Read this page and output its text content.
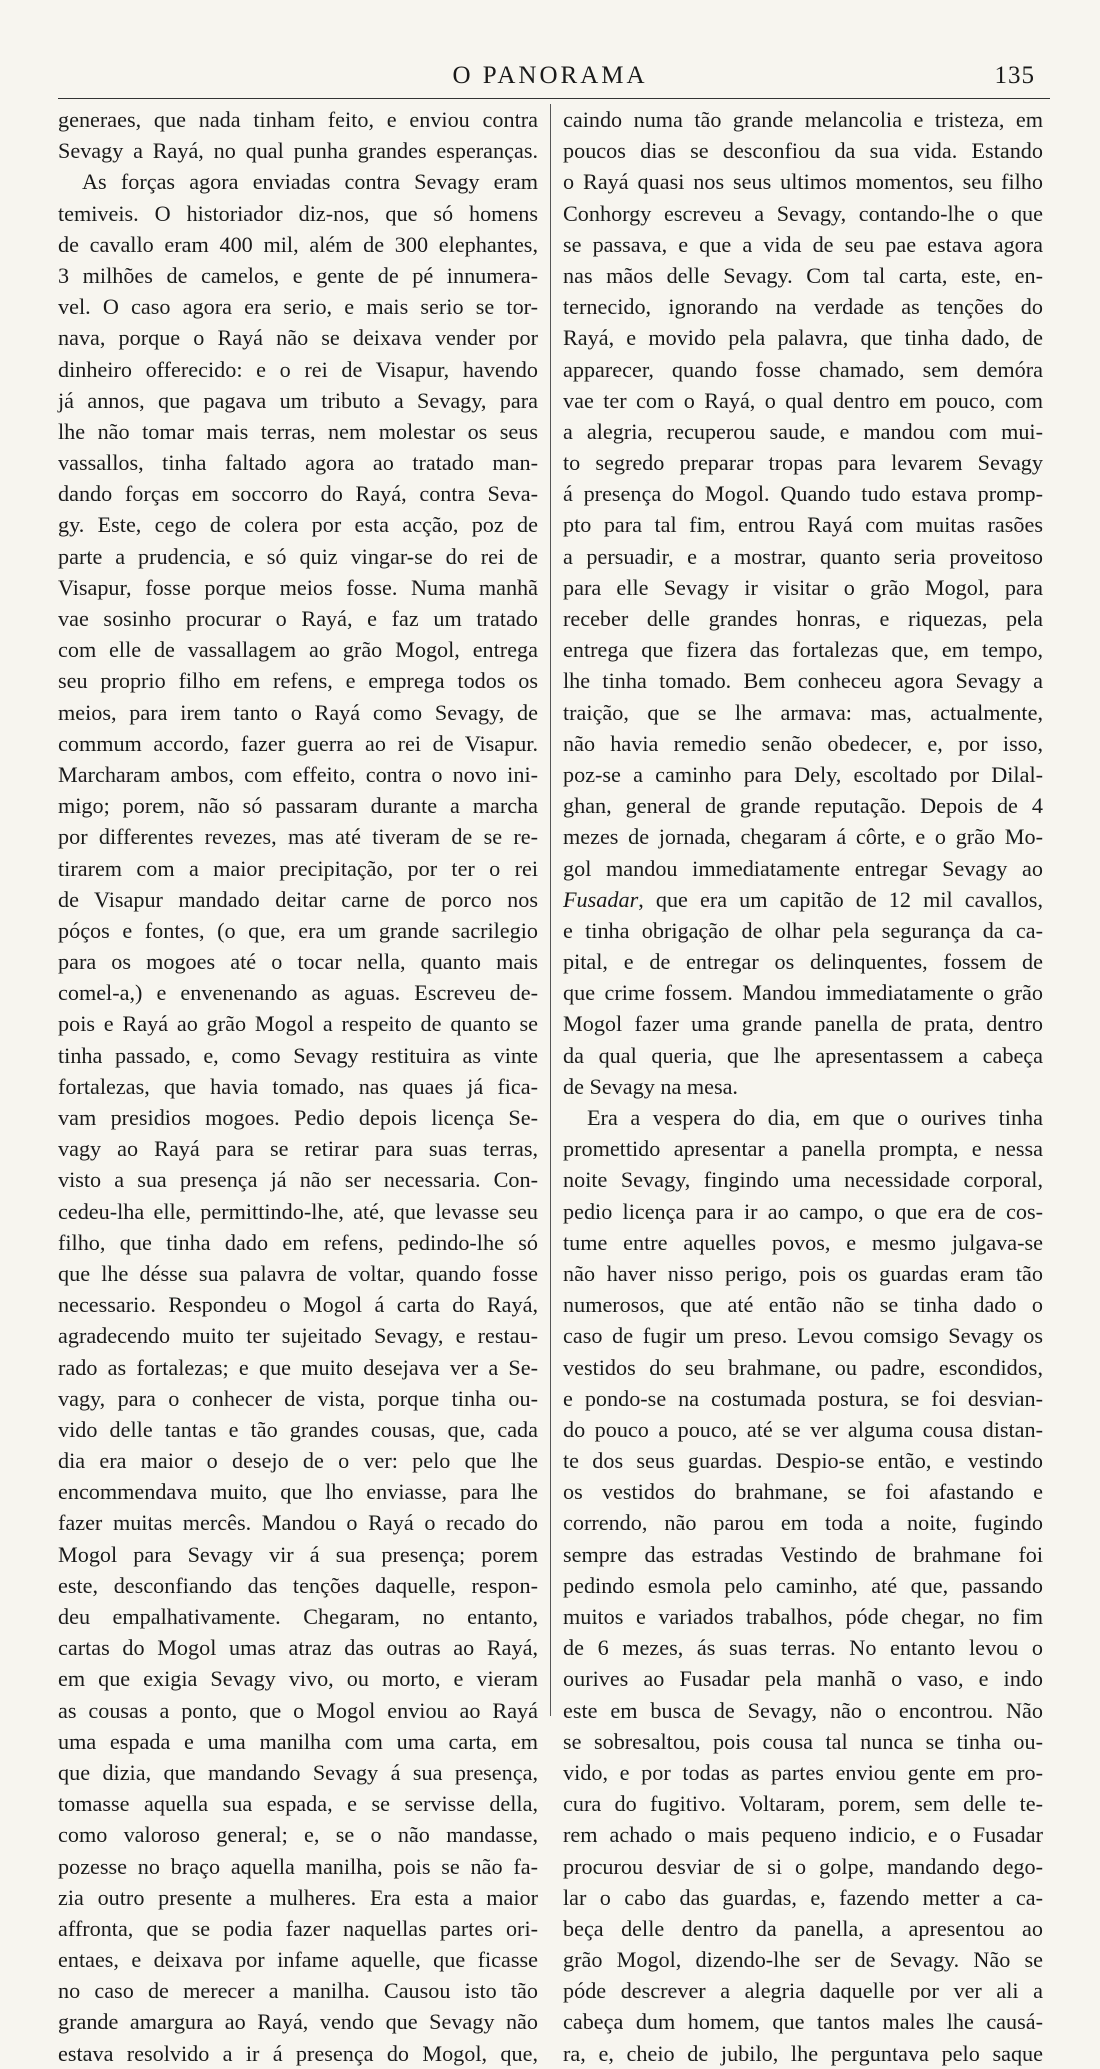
O PANORAMA	135
generaes, que nada tinham feito, e enviou contra
Sevagy a Rayá, no qual punha grandes esperanças.
As forças agora enviadas contra Sevagy eram
temiveis. O historiador diz-nos, que só homens
de cavallo eram 400 mil, além de 300 elephantes,
3 milhões de camelos, e gente de pé innumera-
vel. O caso agora era serio, e mais serio se tor-
nava, porque o Rayá não se deixava vender por
dinheiro offerecido: e o rei de Visapur, havendo
já annos, que pagava um tributo a Sevagy, para
lhe não tomar mais terras, nem molestar os seus
vassallos, tinha faltado agora ao tratado man-
dando forças em soccorro do Rayá, contra Seva-
gy. Este, cego de colera por esta acção, poz de
parte a prudencia, e só quiz vingar-se do rei de
Visapur, fosse porque meios fosse. Numa manhã
vae sosinho procurar o Rayá, e faz um tratado
com elle de vassallagem ao grão Mogol, entrega
seu proprio filho em refens, e emprega todos os
meios, para irem tanto o Rayá como Sevagy, de
commum accordo, fazer guerra ao rei de Visapur.
Marcharam ambos, com effeito, contra o novo ini-
migo; porem, não só passaram durante a marcha
por differentes revezes, mas até tiveram de se re-
tirarem com a maior precipitação, por ter o rei
de Visapur mandado deitar carne de porco nos
póços e fontes, (o que, era um grande sacrilegio
para os mogoes até o tocar nella, quanto mais
comel-a,) e envenenando as aguas. Escreveu de-
pois e Rayá ao grão Mogol a respeito de quanto se
tinha passado, e, como Sevagy restituira as vinte
fortalezas, que havia tomado, nas quaes já fica-
vam presidios mogoes. Pedio depois licença Se-
vagy ao Rayá para se retirar para suas terras,
visto a sua presença já não ser necessaria. Con-
cedeu-lha elle, permittindo-lhe, até, que levasse seu
filho, que tinha dado em refens, pedindo-lhe só
que lhe désse sua palavra de voltar, quando fosse
necessario. Respondeu o Mogol á carta do Rayá,
agradecendo muito ter sujeitado Sevagy, e restau-
rado as fortalezas; e que muito desejava ver a Se-
vagy, para o conhecer de vista, porque tinha ou-
vido delle tantas e tão grandes cousas, que, cada
dia era maior o desejo de o ver: pelo que lhe
encommendava muito, que lho enviasse, para lhe
fazer muitas mercês. Mandou o Rayá o recado do
Mogol para Sevagy vir á sua presença; porem
este, desconfiando das tenções daquelle, respon-
deu empalhativamente. Chegaram, no entanto,
cartas do Mogol umas atraz das outras ao Rayá,
em que exigia Sevagy vivo, ou morto, e vieram
as cousas a ponto, que o Mogol enviou ao Rayá
uma espada e uma manilha com uma carta, em
que dizia, que mandando Sevagy á sua presença,
tomasse aquella sua espada, e se servisse della,
como valoroso general; e, se o não mandasse,
pozesse no braço aquella manilha, pois se não fa-
zia outro presente a mulheres. Era esta a maior
affronta, que se podia fazer naquellas partes ori-
entaes, e deixava por infame aquelle, que ficasse
no caso de merecer a manilha. Causou isto tão
grande amargura ao Rayá, vendo que Sevagy não
estava resolvido a ir á presença do Mogol, que,
caindo numa tão grande melancolia e tristeza, em
poucos dias se desconfiou da sua vida. Estando
o Rayá quasi nos seus ultimos momentos, seu filho
Conhorgy escreveu a Sevagy, contando-lhe o que
se passava, e que a vida de seu pae estava agora
nas mãos delle Sevagy. Com tal carta, este, en-
ternecido, ignorando na verdade as tenções do
Rayá, e movido pela palavra, que tinha dado, de
apparecer, quando fosse chamado, sem demóra
vae ter com o Rayá, o qual dentro em pouco, com
a alegria, recuperou saude, e mandou com mui-
to segredo preparar tropas para levarem Sevagy
á presença do Mogol. Quando tudo estava promp-
pto para tal fim, entrou Rayá com muitas rasões
a persuadir, e a mostrar, quanto seria proveitoso
para elle Sevagy ir visitar o grão Mogol, para
receber delle grandes honras, e riquezas, pela
entrega que fizera das fortalezas que, em tempo,
lhe tinha tomado. Bem conheceu agora Sevagy a
traição, que se lhe armava: mas, actualmente,
não havia remedio senão obedecer, e, por isso,
poz-se a caminho para Dely, escoltado por Dilal-
ghan, general de grande reputação. Depois de 4
mezes de jornada, chegaram á côrte, e o grão Mo-
gol mandou immediatamente entregar Sevagy ao
Fusadar, que era um capitão de 12 mil cavallos,
e tinha obrigação de olhar pela segurança da ca-
pital, e de entregar os delinquentes, fossem de
que crime fossem. Mandou immediatamente o grão
Mogol fazer uma grande panella de prata, dentro
da qual queria, que lhe apresentassem a cabeça
de Sevagy na mesa.
Era a vespera do dia, em que o ourives tinha
promettido apresentar a panella prompta, e nessa
noite Sevagy, fingindo uma necessidade corporal,
pedio licença para ir ao campo, o que era de cos-
tume entre aquelles povos, e mesmo julgava-se
não haver nisso perigo, pois os guardas eram tão
numerosos, que até então não se tinha dado o
caso de fugir um preso. Levou comsigo Sevagy os
vestidos do seu brahmane, ou padre, escondidos,
e pondo-se na costumada postura, se foi desvian-
do pouco a pouco, até se ver alguma cousa distan-
te dos seus guardas. Despio-se então, e vestindo
os vestidos do brahmane, se foi afastando e
correndo, não parou em toda a noite, fugindo
sempre das estradas Vestindo de brahmane foi
pedindo esmola pelo caminho, até que, passando
muitos e variados trabalhos, póde chegar, no fim
de 6 mezes, ás suas terras. No entanto levou o
ourives ao Fusadar pela manhã o vaso, e indo
este em busca de Sevagy, não o encontrou. Não
se sobresaltou, pois cousa tal nunca se tinha ou-
vido, e por todas as partes enviou gente em pro-
cura do fugitivo. Voltaram, porem, sem delle te-
rem achado o mais pequeno indicio, e o Fusadar
procurou desviar de si o golpe, mandando dego-
lar o cabo das guardas, e, fazendo metter a ca-
beça delle dentro da panella, a apresentou ao
grão Mogol, dizendo-lhe ser de Sevagy. Não se
póde descrever a alegria daquelle por ver ali a
cabeça dum homem, que tantos males lhe causá-
ra, e, cheio de jubilo, lhe perguntava pelo saque
